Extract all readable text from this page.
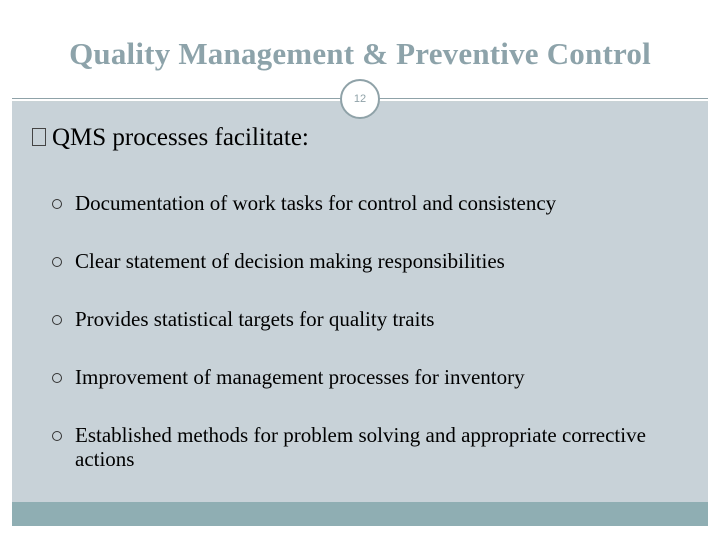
Quality Management & Preventive Control
12
QMS processes facilitate:
Documentation of work tasks for control and consistency
Clear statement of decision making responsibilities
Provides statistical targets for quality traits
Improvement of management processes for inventory
Established methods for problem solving and appropriate corrective actions
